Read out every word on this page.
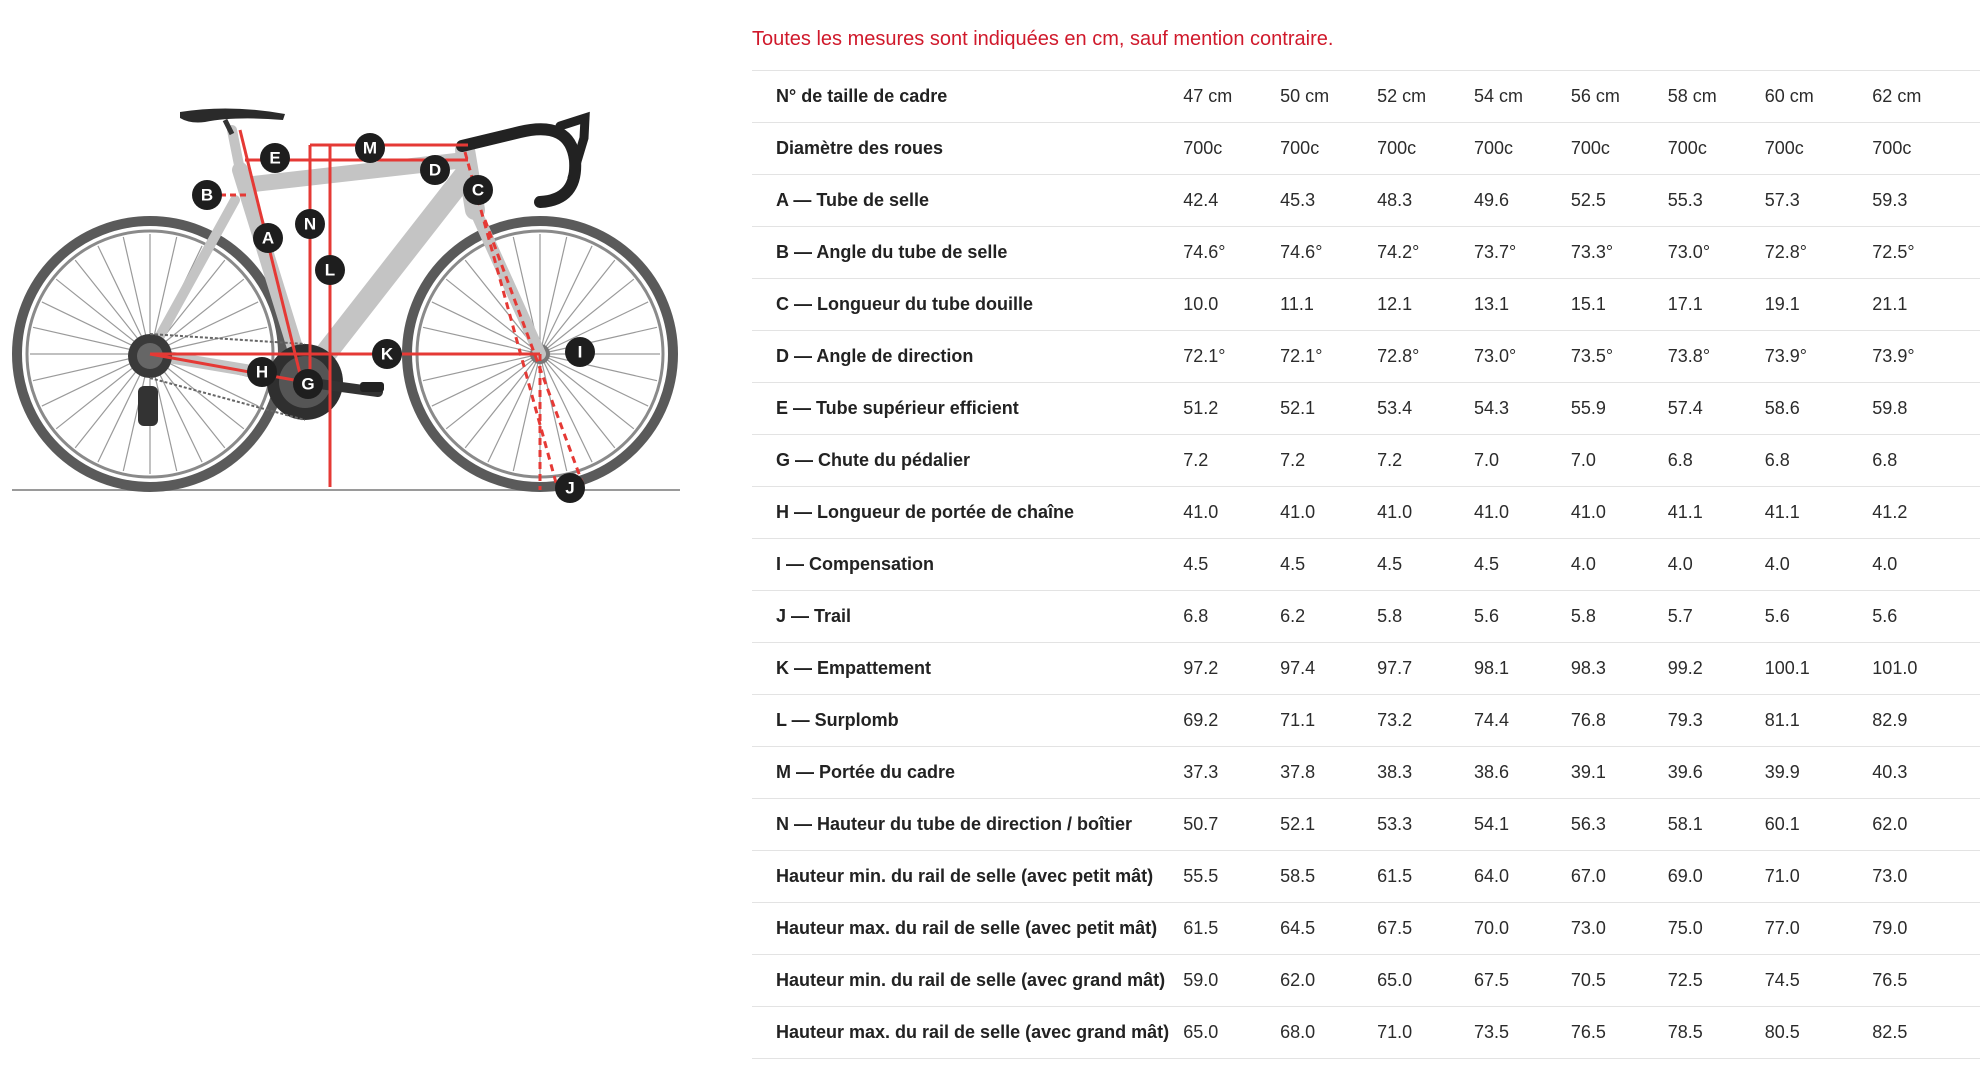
M
E
D
C
B
N
A
L
K	I
H
G
J
Toutes les mesures sont indiquées en cm, sauf mention contraire.
N° de taille de cadre	47 cm	50 cm	52 cm	54 cm	56 cm	58 cm	60 cm	62 cm
Diamètre des roues	700c	700c	700c	700c	700c	700c	700c	700c
A — Tube de selle	42.4	45.3	48.3	49.6	52.5	55.3	57.3	59.3
B — Angle du tube de selle	74.6°	74.6°	74.2°	73.7°	73.3°	73.0°	72.8°	72.5°
C — Longueur du tube douille	10.0	11.1	12.1	13.1	15.1	17.1	19.1	21.1
D — Angle de direction	72.1°	72.1°	72.8°	73.0°	73.5°	73.8°	73.9°	73.9°
E — Tube supérieur efficient	51.2	52.1	53.4	54.3	55.9	57.4	58.6	59.8
G — Chute du pédalier	7.2	7.2	7.2	7.0	7.0	6.8	6.8	6.8
H — Longueur de portée de chaîne	41.0	41.0	41.0	41.0	41.0	41.1	41.1	41.2
I — Compensation	4.5	4.5	4.5	4.5	4.0	4.0	4.0	4.0
J — Trail	6.8	6.2	5.8	5.6	5.8	5.7	5.6	5.6
K — Empattement	97.2	97.4	97.7	98.1	98.3	99.2	100.1	101.0
L — Surplomb	69.2	71.1	73.2	74.4	76.8	79.3	81.1	82.9
M — Portée du cadre	37.3	37.8	38.3	38.6	39.1	39.6	39.9	40.3
N — Hauteur du tube de direction / boîtier	50.7	52.1	53.3	54.1	56.3	58.1	60.1	62.0
Hauteur min. du rail de selle (avec petit mât)	55.5	58.5	61.5	64.0	67.0	69.0	71.0	73.0
Hauteur max. du rail de selle (avec petit mât)	61.5	64.5	67.5	70.0	73.0	75.0	77.0	79.0
Hauteur min. du rail de selle (avec grand mât)	59.0	62.0	65.0	67.5	70.5	72.5	74.5	76.5
Hauteur max. du rail de selle (avec grand mât)	65.0	68.0	71.0	73.5	76.5	78.5	80.5	82.5
